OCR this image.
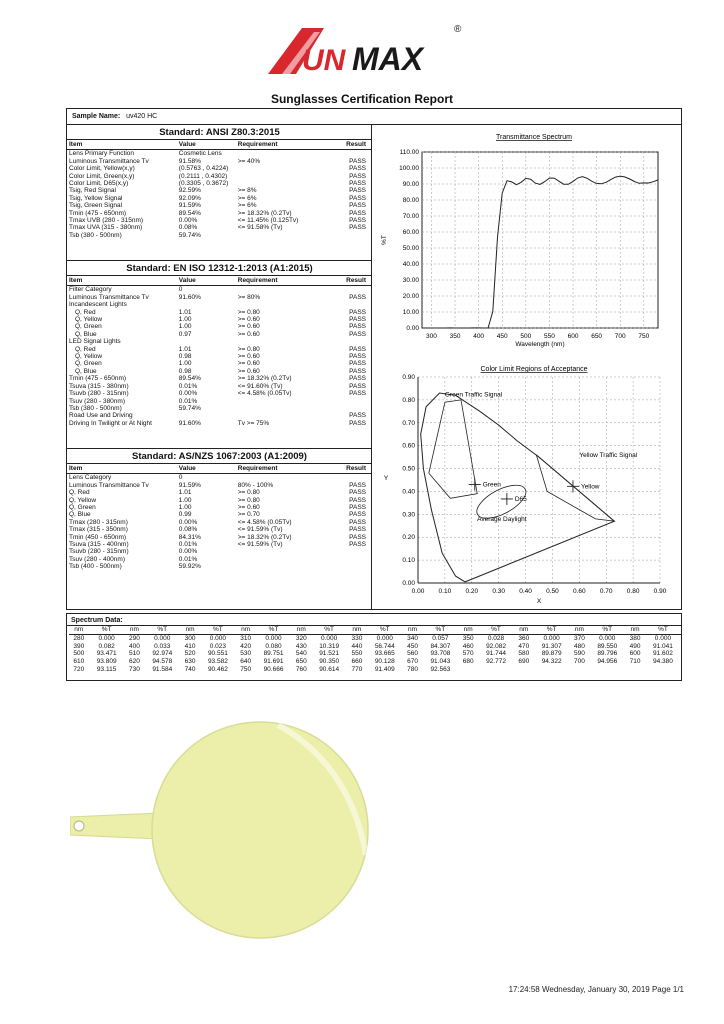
UN MAX
®
Sunglasses Certification Report
Sample Name: uv420 HC
Standard: ANSI Z80.3:2015
Item	Value	Requirement	Result
Lens Primary Function	Cosmetic Lens		
Luminous Transmittance Tv	91.58%	>= 40%	PASS
Color Limit, Yellow(x,y)	(0.5763 , 0.4224)		PASS
Color Limit, Green(x,y)	(0.2111 , 0.4302)		PASS
Color Limit, D65(x,y)	(0.3305 , 0.3672)		PASS
Tsig, Red Signal	92.59%	>= 8%	PASS
Tsig, Yellow Signal	92.09%	>= 6%	PASS
Tsig, Green Signal	91.59%	>= 6%	PASS
Tmin (475 - 650nm)	89.54%	>= 18.32% (0.2Tv)	PASS
Tmax UVB (280 - 315nm)	0.00%	<= 11.45% (0.125Tv)	PASS
Tmax UVA (315 - 380nm)	0.08%	<= 91.58% (Tv)	PASS
Tsb (380 - 500nm)	59.74%		
Standard: EN ISO 12312-1:2013 (A1:2015)
Item	Value	Requirement	Result
Filter Category	0		
Luminous Transmittance Tv	91.60%	>= 80%	PASS
Incandescent Lights			
Q, Red	1.01	>= 0.80	PASS
Q, Yellow	1.00	>= 0.60	PASS
Q, Green	1.00	>= 0.60	PASS
Q, Blue	0.97	>= 0.60	PASS
LED Signal Lights			
Q, Red	1.01	>= 0.80	PASS
Q, Yellow	0.98	>= 0.60	PASS
Q, Green	1.00	>= 0.60	PASS
Q, Blue	0.98	>= 0.60	PASS
Tmin (475 - 650nm)	89.54%	>= 18.32% (0.2Tv)	PASS
Tsuva (315 - 380nm)	0.01%	<= 91.60% (Tv)	PASS
Tsuvb (280 - 315nm)	0.00%	<= 4.58% (0.05Tv)	PASS
Tsuv (280 - 380nm)	0.01%		
Tsb (380 - 500nm)	59.74%		
Road Use and Driving			PASS
Driving In Twilight or At Night	91.60%	Tv >= 75%	PASS
Standard: AS/NZS 1067:2003 (A1:2009)
Item	Value	Requirement	Result
Lens Category	0		
Luminous Transmittance Tv	91.59%	80% - 100%	PASS
Q, Red	1.01	>= 0.80	PASS
Q, Yellow	1.00	>= 0.80	PASS
Q, Green	1.00	>= 0.60	PASS
Q, Blue	0.99	>= 0.70	PASS
Tmax (280 - 315nm)	0.00%	<= 4.58% (0.05Tv)	PASS
Tmax (315 - 350nm)	0.08%	<= 91.59% (Tv)	PASS
Tmin (450 - 650nm)	84.31%	>= 18.32% (0.2Tv)	PASS
Tsuva (315 - 400nm)	0.01%	<= 91.59% (Tv)	PASS
Tsuvb (280 - 315nm)	0.00%		
Tsuv (280 - 400nm)	0.01%		
Tsb (400 - 500nm)	59.92%		
Transmittance Spectrum
0.00
10.00
20.00
30.00
40.00
50.00
60.00
70.00
80.00
90.00
100.00
110.00
300 350 400 450 500 550 600 650 700 750
Wavelength (nm)
%T
Color Limit Regions of Acceptance
0.00
0.10
0.20
0.30
0.40
0.50
0.60
0.70
0.80
0.90
0.00 0.10 0.20 0.30 0.40 0.50 0.60 0.70 0.80 0.90
X
Y
Green Traffic Signal
Yellow Traffic Signal
Average Daylight
Green
D65
Yellow
Spectrum Data:
nm	%T	nm	%T	nm	%T	nm	%T	nm	%T	nm	%T	nm	%T	nm	%T	nm	%T	nm	%T	nm	%T
280	0.000	290	0.000	300	0.000	310	0.000	320	0.000	330	0.000	340	0.057	350	0.028	360	0.000	370	0.000	380	0.000
390	0.082	400	0.033	410	0.023	420	0.080	430	10.319	440	56.744	450	84.307	460	92.082	470	91.307	480	89.550	490	91.041
500	93.471	510	92.974	520	90.551	530	89.751	540	91.521	550	93.665	560	93.708	570	91.744	580	89.879	590	89.796	600	91.602
610	93.809	620	94.578	630	93.582	640	91.691	650	90.350	660	90.128	670	91.043	680	92.772	690	94.322	700	94.956	710	94.380
720	93.115	730	91.584	740	90.462	750	90.666	760	90.614	770	91.409	780	92.563								
17:24:58 Wednesday, January 30, 2019 Page 1/1
